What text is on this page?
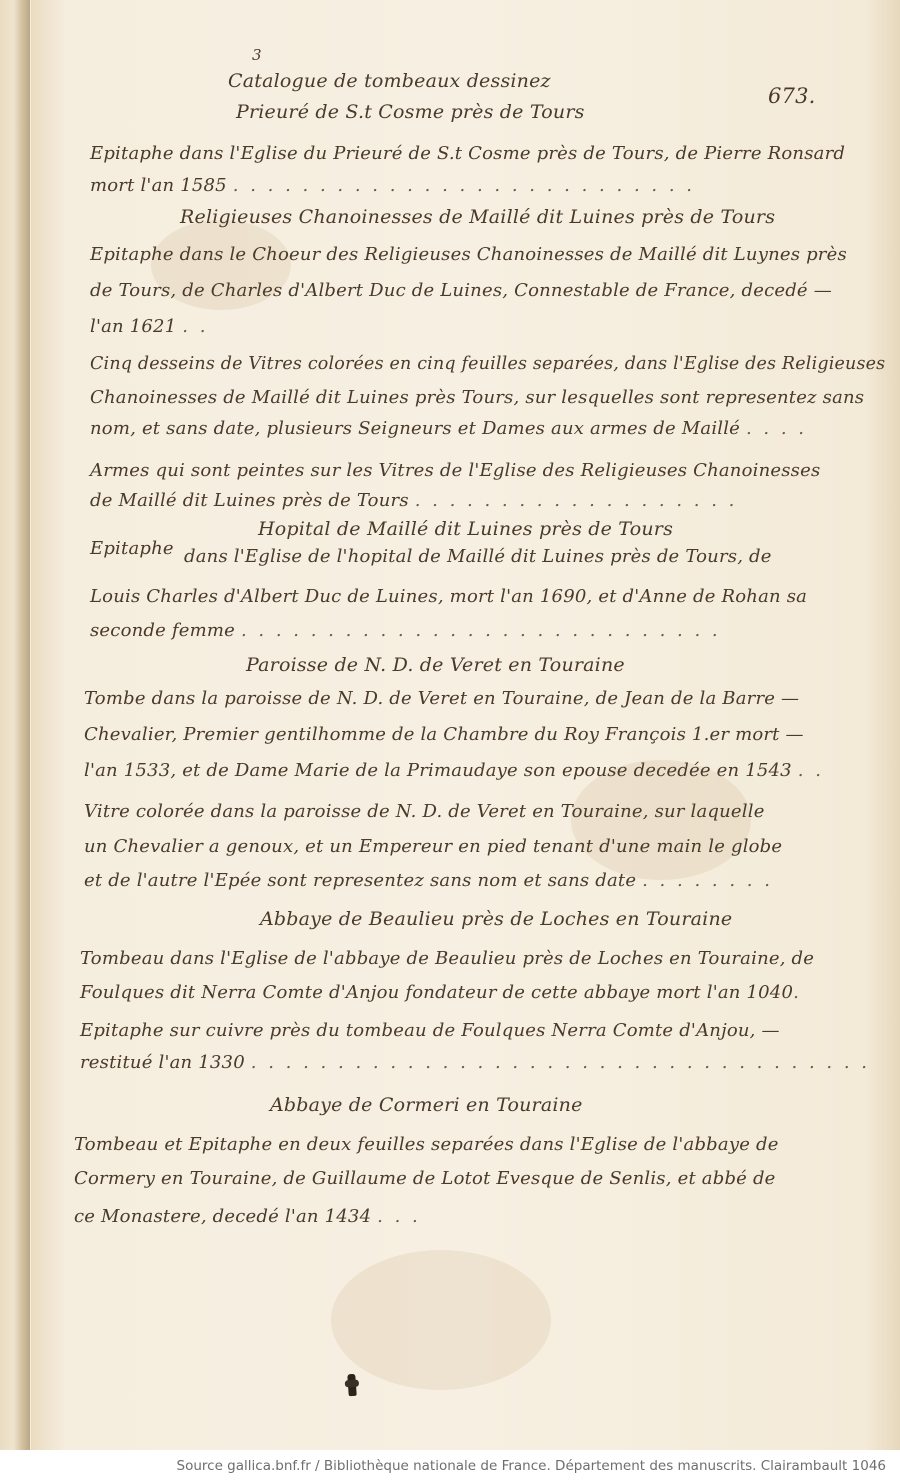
3
673.
Catalogue de tombeaux dessinez
Prieuré de S.t Cosme près de Tours
Epitaphe dans l'Eglise du Prieuré de S.t Cosme près de Tours, de Pierre Ronsard
mort l'an 1585 . . . . . . . . . . . . . . . . . . . . . . . . . . .
Religieuses Chanoinesses de Maillé dit Luines près de Tours
Epitaphe dans le Choeur des Religieuses Chanoinesses de Maillé dit Luynes près
de Tours, de Charles d'Albert Duc de Luines, Connestable de France, decedé —
l'an 1621 . .
Cinq desseins de Vitres colorées en cinq feuilles separées, dans l'Eglise des Religieuses
Chanoinesses de Maillé dit Luines près Tours, sur lesquelles sont representez sans
nom, et sans date, plusieurs Seigneurs et Dames aux armes de Maillé . . . .
Armes qui sont peintes sur les Vitres de l'Eglise des Religieuses Chanoinesses
de Maillé dit Luines près de Tours . . . . . . . . . . . . . . . . . . .
Hopital de Maillé dit Luines près de Tours
Epitaphe dans l'Eglise de l'hopital de Maillé dit Luines près de Tours, de
Louis Charles d'Albert Duc de Luines, mort l'an 1690, et d'Anne de Rohan sa
seconde femme . . . . . . . . . . . . . . . . . . . . . . . . . . . .
Paroisse de N. D. de Veret en Touraine
Tombe dans la paroisse de N. D. de Veret en Touraine, de Jean de la Barre —
Chevalier, Premier gentilhomme de la Chambre du Roy François 1.er mort —
l'an 1533, et de Dame Marie de la Primaudaye son epouse decedée en 1543 . .
Vitre colorée dans la paroisse de N. D. de Veret en Touraine, sur laquelle
un Chevalier a genoux, et un Empereur en pied tenant d'une main le globe
et de l'autre l'Epée sont representez sans nom et sans date . . . . . . . .
Abbaye de Beaulieu près de Loches en Touraine
Tombeau dans l'Eglise de l'abbaye de Beaulieu près de Loches en Touraine, de
Foulques dit Nerra Comte d'Anjou fondateur de cette abbaye mort l'an 1040.
Epitaphe sur cuivre près du tombeau de Foulques Nerra Comte d'Anjou, —
restitué l'an 1330 . . . . . . . . . . . . . . . . . . . . . . . . . . . . . . . . . . . .
Abbaye de Cormeri en Touraine
Tombeau et Epitaphe en deux feuilles separées dans l'Eglise de l'abbaye de
Cormery en Touraine, de Guillaume de Lotot Evesque de Senlis, et abbé de
ce Monastere, decedé l'an 1434 . . .
Source gallica.bnf.fr / Bibliothèque nationale de France. Département des manuscrits. Clairambault 1046
